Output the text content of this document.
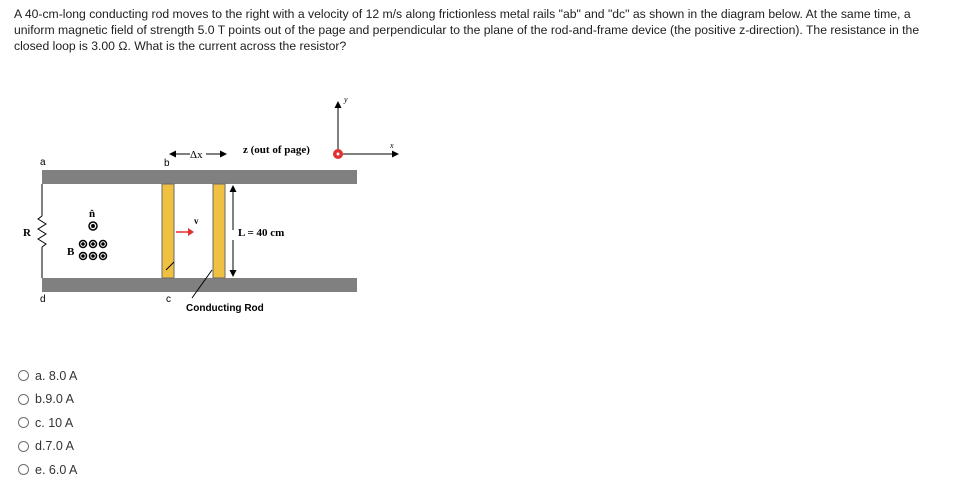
A 40-cm-long conducting rod moves to the right with a velocity of 12 m/s along frictionless metal rails "ab" and "dc" as shown in the diagram below. At the same time, a uniform magnetic field of strength 5.0 T points out of the page and perpendicular to the plane of the rod-and-frame device (the positive z-direction). The resistance in the closed loop is 3.00 Ω. What is the current across the resistor?
a	b
c
d
R
n̂
B
v
Δx	z (out of page)	x
y
L = 40 cm
Conducting Rod
a. 8.0 A
b.9.0 A
c. 10 A
d.7.0 A
e. 6.0 A
